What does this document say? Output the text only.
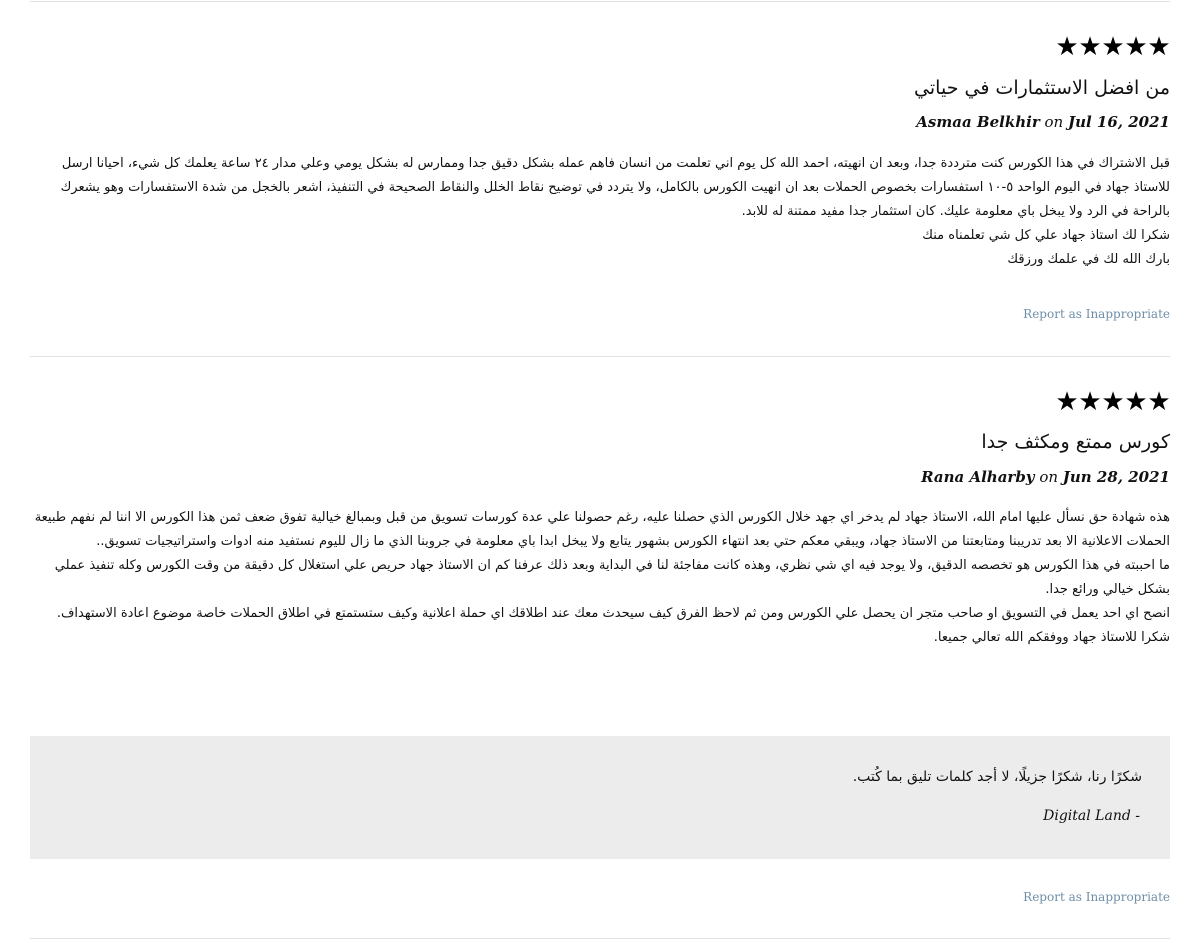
★★★★★
من افضل الاستثمارات في حياتي
Asmaa Belkhir on Jul 16, 2021

قبل الاشتراك في هذا الكورس كنت مترددة جدا، وبعد ان انهيته، احمد الله كل يوم اني تعلمت من انسان فاهم عمله بشكل دقيق جدا وممارس له بشكل يومي وعلي مدار ٢٤ ساعة يعلمك كل شيء، احيانا ارسل للاستاذ جهاد في اليوم الواحد ٥-١٠ استفسارات بخصوص الحملات بعد ان انهيت الكورس بالكامل، ولا يتردد في توضيح نقاط الخلل والنقاط الصحيحة في التنفيذ، اشعر بالخجل من شدة الاستفسارات وهو يشعرك بالراحة في الرد ولا يبخل باي معلومة عليك. كان استثمار جدا مفيد ممتنة له للابد.

شكرا لك استاذ جهاد علي كل شي تعلمناه منك

بارك الله لك في علمك ورزقك

Report as Inappropriate
★★★★★
كورس ممتع ومكثف جدا
Rana Alharby on Jun 28, 2021

هذه شهادة حق نسأل عليها امام الله، الاستاذ جهاد لم يدخر اي جهد خلال الكورس الذي حصلنا عليه، رغم حصولنا علي عدة كورسات تسويق من قبل وبمبالغ خيالية تفوق ضعف ثمن هذا الكورس الا اننا لم نفهم طبيعة الحملات الاعلانية الا بعد تدريبنا ومتابعتنا من الاستاذ جهاد، ويبقي معكم حتي بعد انتهاء الكورس بشهور يتابع ولا يبخل ابدا باي معلومة في جروبنا الذي ما زال لليوم نستفيد منه ادوات واستراتيجيات تسويق..

ما احببته في هذا الكورس هو تخصصه الدقيق، ولا يوجد فيه اي شي نظري، وهذه كانت مفاجئة لنا في البداية وبعد ذلك عرفنا كم ان الاستاذ جهاد حريص علي استغلال كل دقيقة من وقت الكورس وكله تنفيذ عملي بشكل خيالي ورائع جدا.

انصح اي احد يعمل في التسويق او صاحب متجر ان يحصل علي الكورس ومن ثم لاحظ الفرق كيف سيحدث معك عند اطلاقك اي حملة اعلانية وكيف ستستمتع في اطلاق الحملات خاصة موضوع اعادة الاستهداف.

شكرا للاستاذ جهاد ووفقكم الله تعالي جميعا.

شكرًا رنا، شكرًا جزيلًا، لا أجد كلمات تليق بما كُتب.
Digital Land -
Report as Inappropriate
